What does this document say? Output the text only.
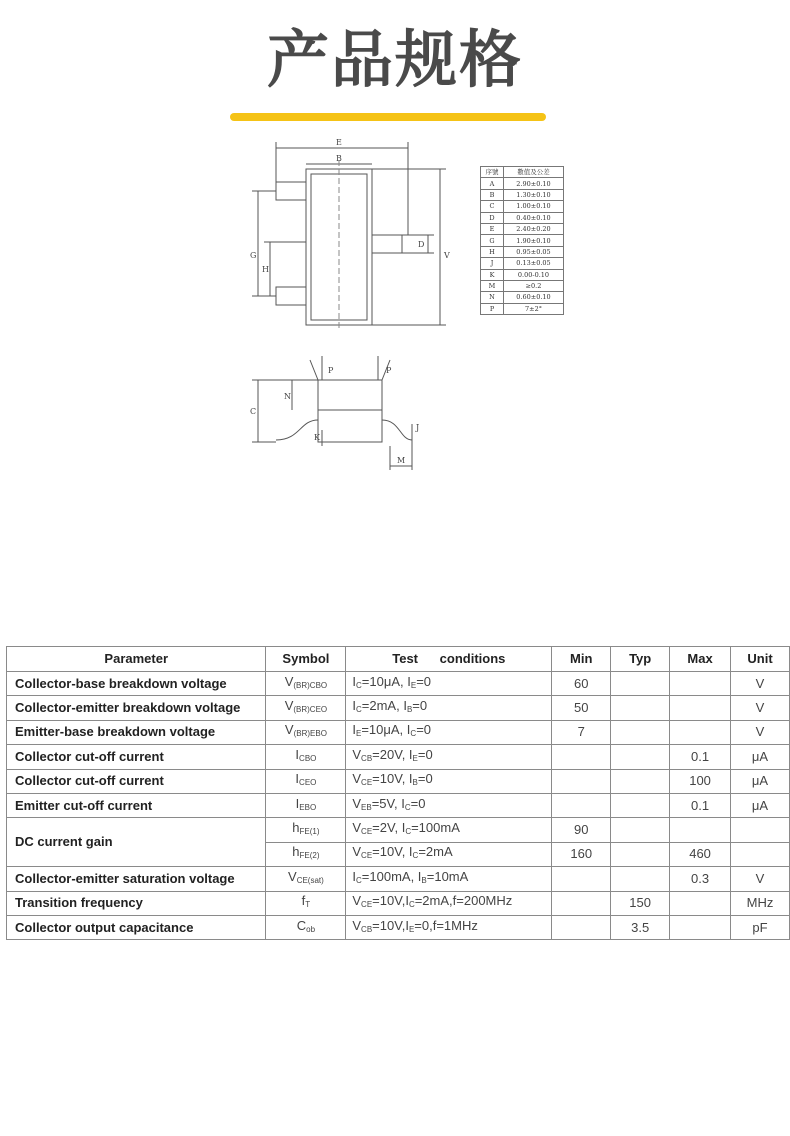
产品规格
E
B
G
H
D
V
P	P
N
C
K
J
M
序號	數值及公差
A	2.90±0.10
B	1.30±0.10
C	1.00±0.10
D	0.40±0.10
E	2.40±0.20
G	1.90±0.10
H	0.95±0.05
J	0.13±0.05
K	0.00-0.10
M	≥0.2
N	0.60±0.10
P	7±2°
Parameter	Symbol	Test      conditions	Min	Typ	Max	Unit
Collector-base breakdown voltage	$V_{(BR)CBO}$	$I_C=10\mu A$, $I_E=0$	60			V
Collector-emitter breakdown voltage	$V_{(BR)CEO}$	$I_C=2mA$, $I_B=0$	50			V
Emitter-base breakdown voltage	$V_{(BR)EBO}$	$I_E=10\mu A$, $I_C=0$	7			V
Collector cut-off current	$I_{CBO}$	$V_{CB}=20V$, $I_E=0$			0.1	μA
Collector cut-off current	$I_{CEO}$	$V_{CE}=10V$, $I_B=0$			100	μA
Emitter cut-off current	$I_{EBO}$	$V_{EB}=5V$, $I_C=0$			0.1	μA
DC current gain	$h_{FE(1)}$	$V_{CE}=2V$, $I_C=100mA$	90			
	$h_{FE(2)}$	$V_{CE}=10V$, $I_C=2mA$	160		460	
Collector-emitter saturation voltage	$V_{CE(sat)}$	$I_C=100mA$, $I_B=10mA$			0.3	V
Transition frequency	$f_T$	$V_{CE}=10V,I_C=2mA,f=200MHz$		150		MHz
Collector output capacitance	$C_{ob}$	$V_{CB}=10V,I_E=0,f=1MHz$		3.5		pF
